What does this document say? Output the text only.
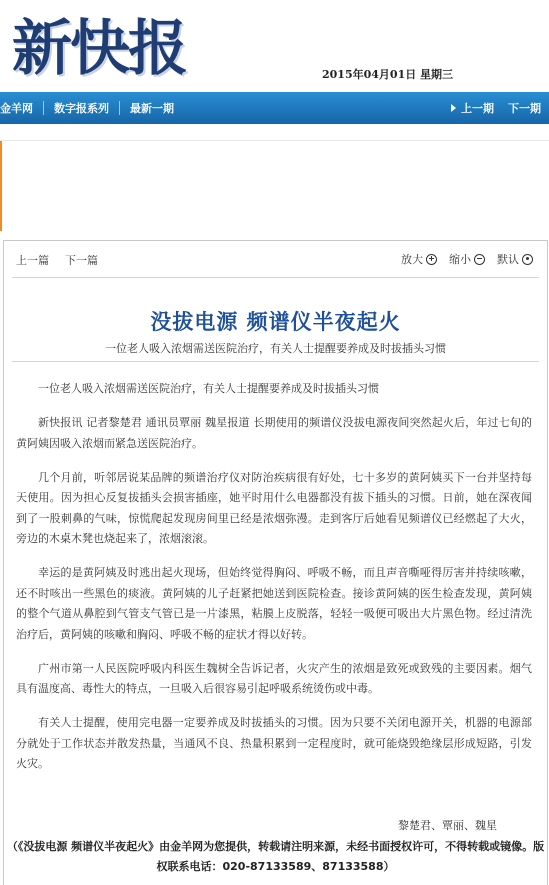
新快报	2015年04月01日 星期三
金羊网 数字报系列 最新一期	上一期 下一期
上一篇 下一篇	放大 缩小 默认
没拔电源 频谱仪半夜起火
一位老人吸入浓烟需送医院治疗，有关人士提醒要养成及时拔插头习惯

一位老人吸入浓烟需送医院治疗，有关人士提醒要养成及时拔插头习惯

新快报讯 记者黎楚君 通讯员覃丽 魏星报道 长期使用的频谱仪没拔电源夜间突然起火后，年过七旬的黄阿姨因吸入浓烟而紧急送医院治疗。

几个月前，听邻居说某品牌的频谱治疗仪对防治疾病很有好处，七十多岁的黄阿姨买下一台并坚持每天使用。因为担心反复拔插头会损害插座，她平时用什么电器都没有拔下插头的习惯。日前，她在深夜闻到了一股刺鼻的气味，惊慌爬起发现房间里已经是浓烟弥漫。走到客厅后她看见频谱仪已经燃起了大火，旁边的木桌木凳也烧起来了，浓烟滚滚。

幸运的是黄阿姨及时逃出起火现场，但始终觉得胸闷、呼吸不畅，而且声音嘶哑得厉害并持续咳嗽，还不时咳出一些黑色的痰液。黄阿姨的儿子赶紧把她送到医院检查。接诊黄阿姨的医生检查发现，黄阿姨的整个气道从鼻腔到气管支气管已是一片漆黑，粘膜上皮脱落，轻轻一吸便可吸出大片黑色物。经过清洗治疗后，黄阿姨的咳嗽和胸闷、呼吸不畅的症状才得以好转。

广州市第一人民医院呼吸内科医生魏树全告诉记者，火灾产生的浓烟是致死或致残的主要因素。烟气具有温度高、毒性大的特点，一旦吸入后很容易引起呼吸系统烫伤或中毒。

有关人士提醒，使用完电器一定要养成及时拔插头的习惯。因为只要不关闭电源开关，机器的电源部分就处于工作状态并散发热量，当通风不良、热量积累到一定程度时，就可能烧毁绝缘层形成短路，引发火灾。

黎楚君、覃丽、魏星
（《没拔电源 频谱仪半夜起火》由金羊网为您提供，转载请注明来源，未经书面授权许可，不得转载或镜像。版权联系电话：020-87133589、87133588）
